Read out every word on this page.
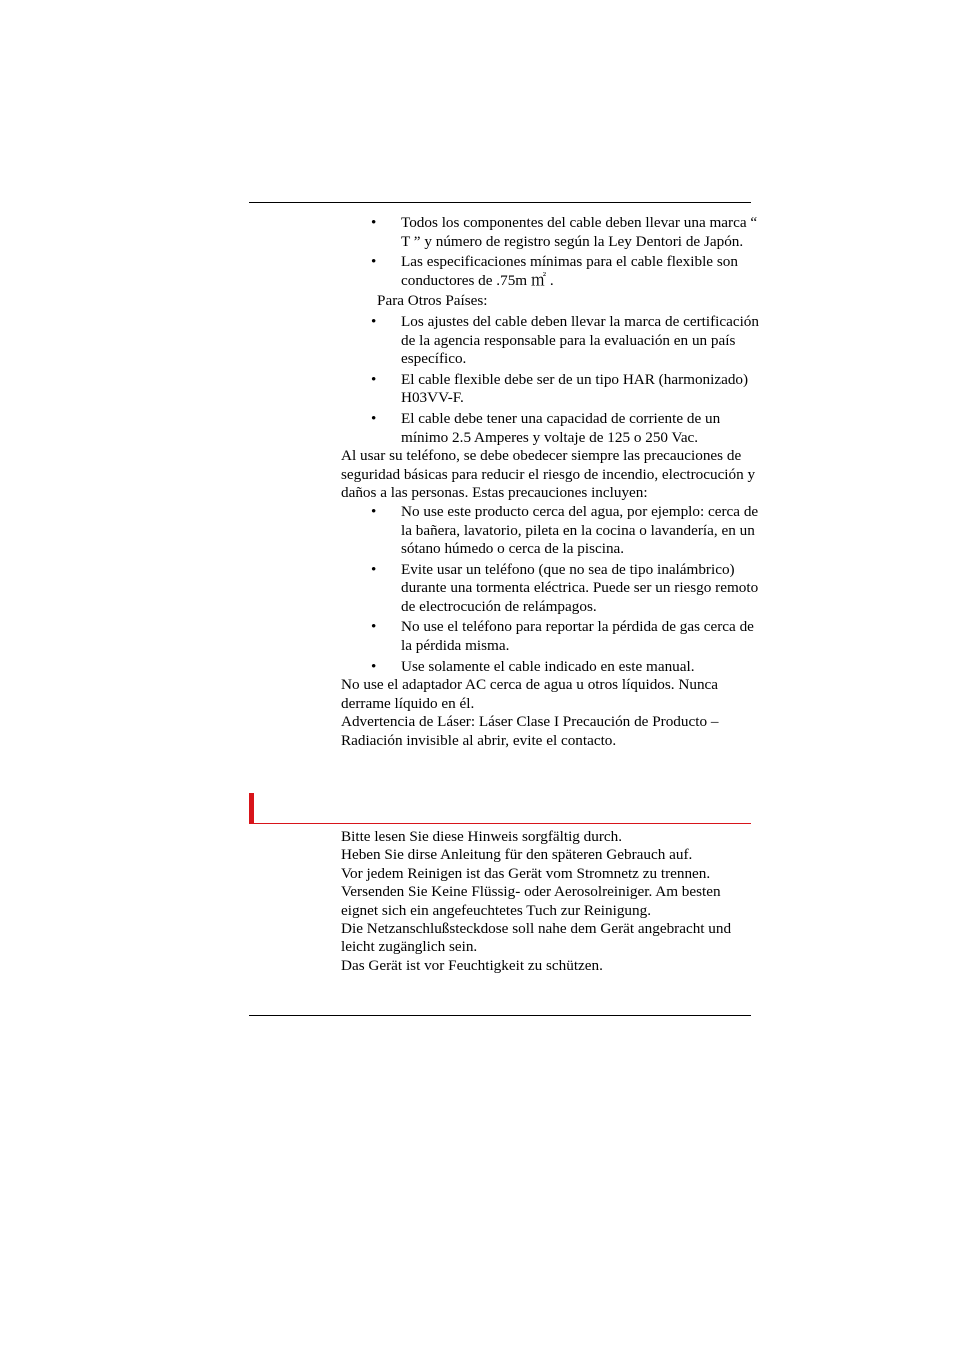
• Todos los componentes del cable deben llevar una marca “ T ” y número de registro según la Ley Dentori de Japón.
• Las especificaciones mínimas para el cable flexible son conductores de .75m ㎡ .
Para Otros Países:
• Los ajustes del cable deben llevar la marca de certificación de la agencia responsable para la evaluación en un país específico.
• El cable flexible debe ser de un tipo HAR (harmonizado) H03VV-F.
• El cable debe tener una capacidad de corriente de un mínimo 2.5 Amperes y voltaje de 125 o 250 Vac.

Al usar su teléfono, se debe obedecer siempre las precauciones de seguridad básicas para reducir el riesgo de incendio, electrocución y daños a las personas. Estas precauciones incluyen:

• No use este producto cerca del agua, por ejemplo: cerca de la bañera, lavatorio, pileta en la cocina o lavandería, en un sótano húmedo o cerca de la piscina.
• Evite usar un teléfono (que no sea de tipo inalámbrico) durante una tormenta eléctrica. Puede ser un riesgo remoto de electrocución de relámpagos.
• No use el teléfono para reportar la pérdida de gas cerca de la pérdida misma.
• Use solamente el cable indicado en este manual.

No use el adaptador AC cerca de agua u otros líquidos. Nunca derrame líquido en él.

Advertencia de Láser: Láser Clase I Precaución de Producto – Radiación invisible al abrir, evite el contacto.

Bitte lesen Sie diese Hinweis sorgfältig durch.
Heben Sie dirse Anleitung für den späteren Gebrauch auf.
Vor jedem Reinigen ist das Gerät vom Stromnetz zu trennen.
Versenden Sie Keine Flüssig- oder Aerosolreiniger. Am besten eignet sich ein angefeuchtetes Tuch zur Reinigung.
Die Netzanschlußsteckdose soll nahe dem Gerät angebracht und leicht zugänglich sein.
Das Gerät ist vor Feuchtigkeit zu schützen.
